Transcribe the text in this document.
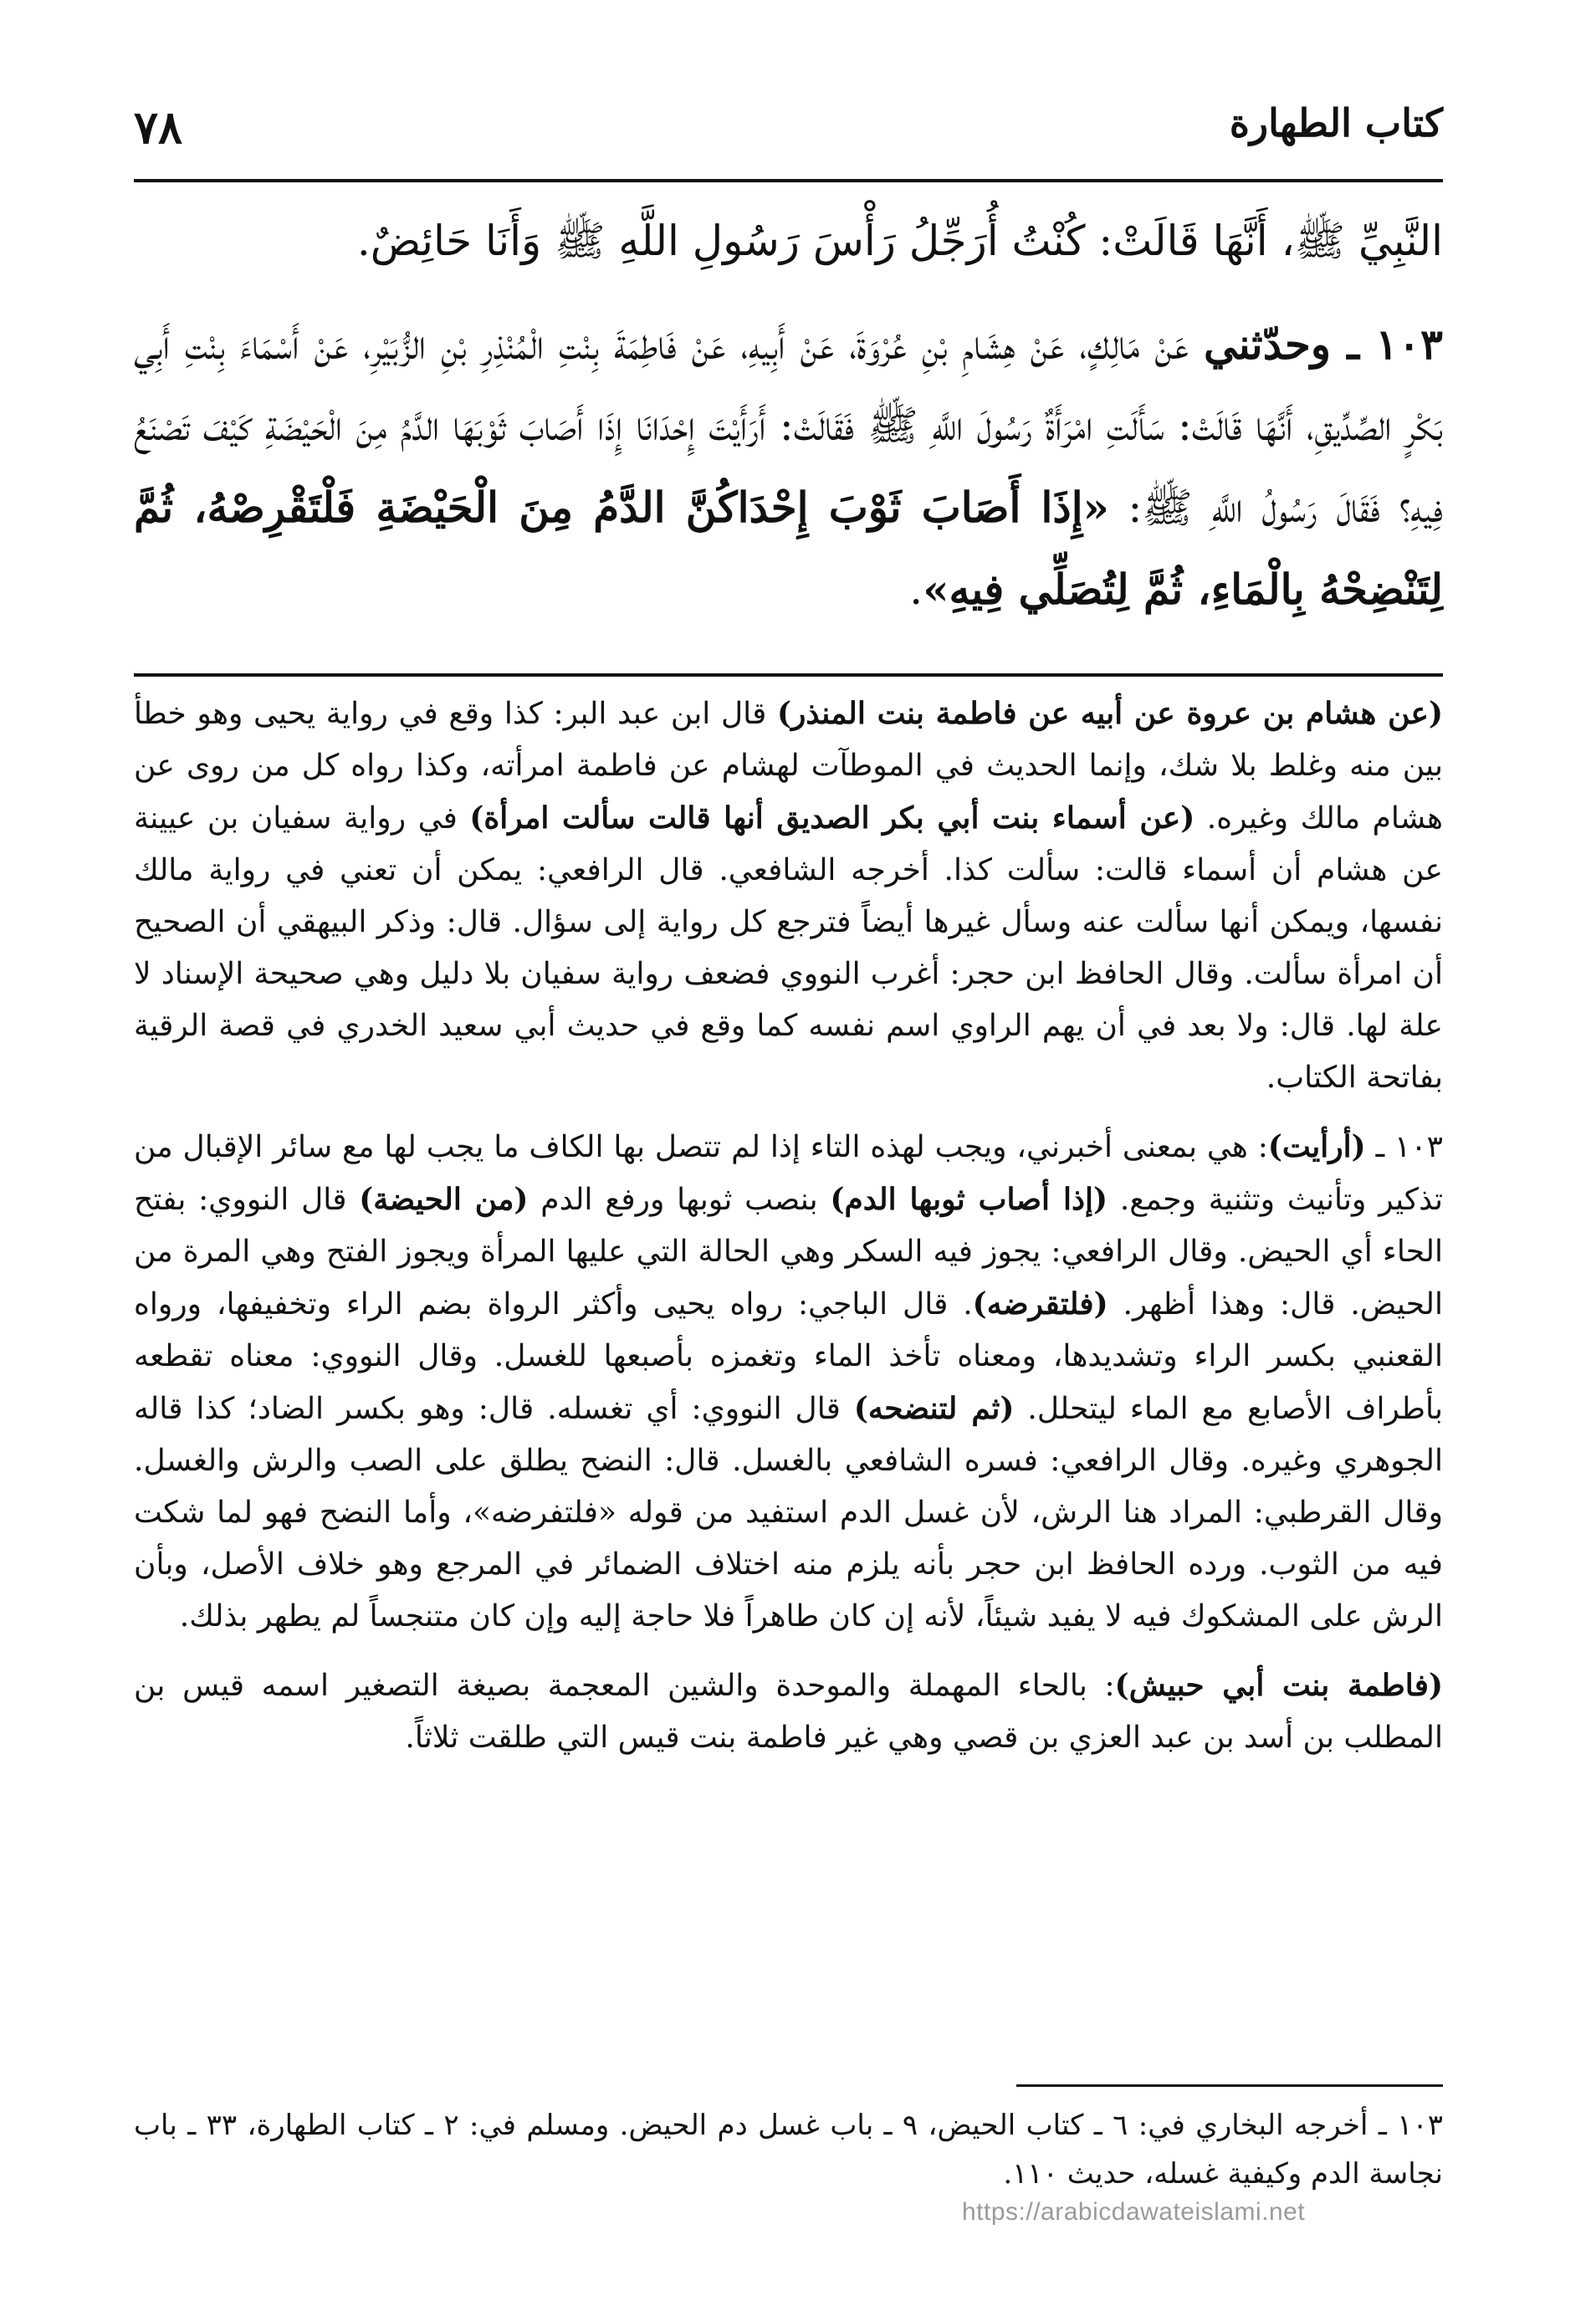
٧٨	كتاب الطهارة

النَّبِيِّ ﷺ، أَنَّهَا قَالَتْ: كُنْتُ أُرَجِّلُ رَأْسَ رَسُولِ اللَّهِ ﷺ وَأَنَا حَائِضٌ.

١٠٣ ـ وحدّثني عَنْ مَالِكٍ، عَنْ هِشَامِ بْنِ عُرْوَةَ، عَنْ أَبِيهِ، عَنْ فَاطِمَةَ بِنْتِ الْمُنْذِرِ بْنِ الزُّبَيْرِ، عَنْ أَسْمَاءَ بِنْتِ أَبِي بَكْرٍ الصِّدِّيقِ، أَنَّهَا قَالَتْ: سَأَلَتِ امْرَأَةٌ رَسُولَ اللَّهِ ﷺ فَقَالَتْ: أَرَأَيْتَ إِحْدَانَا إِذَا أَصَابَ ثَوْبَهَا الدَّمُ مِنَ الْحَيْضَةِ كَيْفَ تَصْنَعُ فِيهِ؟ فَقَالَ رَسُولُ اللَّهِ ﷺ: «إِذَا أَصَابَ ثَوْبَ إِحْدَاكُنَّ الدَّمُ مِنَ الْحَيْضَةِ فَلْتَقْرِصْهُ، ثُمَّ لِتَنْضِحْهُ بِالْمَاءِ، ثُمَّ لِتُصَلِّي فِيهِ».

(عن هشام بن عروة عن أبيه عن فاطمة بنت المنذر) قال ابن عبد البر: كذا وقع في رواية يحيى وهو خطأ بين منه وغلط بلا شك، وإنما الحديث في الموطآت لهشام عن فاطمة امرأته، وكذا رواه كل من روى عن هشام مالك وغيره. (عن أسماء بنت أبي بكر الصديق أنها قالت سألت امرأة) في رواية سفيان بن عيينة عن هشام أن أسماء قالت: سألت كذا. أخرجه الشافعي. قال الرافعي: يمكن أن تعني في رواية مالك نفسها، ويمكن أنها سألت عنه وسأل غيرها أيضاً فترجع كل رواية إلى سؤال. قال: وذكر البيهقي أن الصحيح أن امرأة سألت. وقال الحافظ ابن حجر: أغرب النووي فضعف رواية سفيان بلا دليل وهي صحيحة الإسناد لا علة لها. قال: ولا بعد في أن يهم الراوي اسم نفسه كما وقع في حديث أبي سعيد الخدري في قصة الرقية بفاتحة الكتاب.

١٠٣ ـ (أرأيت): هي بمعنى أخبرني، ويجب لهذه التاء إذا لم تتصل بها الكاف ما يجب لها مع سائر الإقبال من تذكير وتأنيث وتثنية وجمع. (إذا أصاب ثوبها الدم) بنصب ثوبها ورفع الدم (من الحيضة) قال النووي: بفتح الحاء أي الحيض. وقال الرافعي: يجوز فيه السكر وهي الحالة التي عليها المرأة ويجوز الفتح وهي المرة من الحيض. قال: وهذا أظهر. (فلتقرضه). قال الباجي: رواه يحيى وأكثر الرواة بضم الراء وتخفيفها، ورواه القعنبي بكسر الراء وتشديدها، ومعناه تأخذ الماء وتغمزه بأصبعها للغسل. وقال النووي: معناه تقطعه بأطراف الأصابع مع الماء ليتحلل. (ثم لتنضحه) قال النووي: أي تغسله. قال: وهو بكسر الضاد؛ كذا قاله الجوهري وغيره. وقال الرافعي: فسره الشافعي بالغسل. قال: النضح يطلق على الصب والرش والغسل. وقال القرطبي: المراد هنا الرش، لأن غسل الدم استفيد من قوله «فلتفرضه»، وأما النضح فهو لما شكت فيه من الثوب. ورده الحافظ ابن حجر بأنه يلزم منه اختلاف الضمائر في المرجع وهو خلاف الأصل، وبأن الرش على المشكوك فيه لا يفيد شيئاً، لأنه إن كان طاهراً فلا حاجة إليه وإن كان متنجساً لم يطهر بذلك.

(فاطمة بنت أبي حبيش): بالحاء المهملة والموحدة والشين المعجمة بصيغة التصغير اسمه قيس بن المطلب بن أسد بن عبد العزي بن قصي وهي غير فاطمة بنت قيس التي طلقت ثلاثاً.

١٠٣ ـ أخرجه البخاري في: ٦ ـ كتاب الحيض، ٩ ـ باب غسل دم الحيض. ومسلم في: ٢ ـ كتاب الطهارة، ٣٣ ـ باب نجاسة الدم وكيفية غسله، حديث ١١٠.

https://arabicdawateislami.net
